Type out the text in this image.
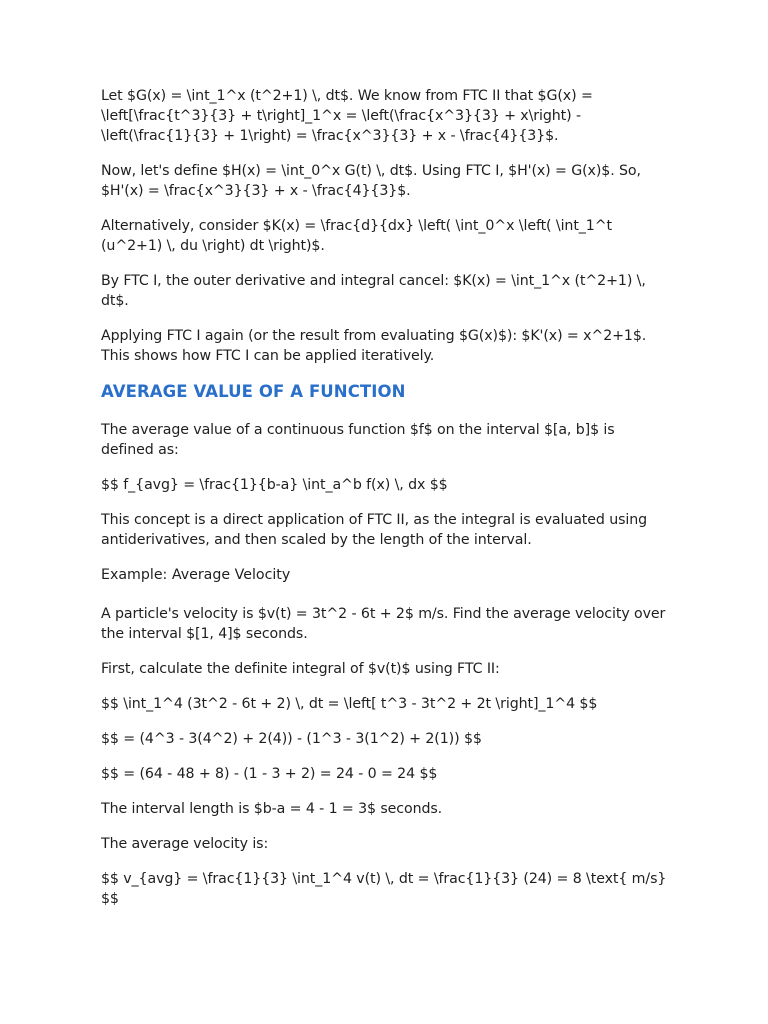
Let $G(x) = \int_1^x (t^2+1) \, dt$. We know from FTC II that $G(x) = \left[\frac{t^3}{3} + t\right]_1^x = \left(\frac{x^3}{3} + x\right) - \left(\frac{1}{3} + 1\right) = \frac{x^3}{3} + x - \frac{4}{3}$.

Now, let's define $H(x) = \int_0^x G(t) \, dt$. Using FTC I, $H'(x) = G(x)$. So, $H'(x) = \frac{x^3}{3} + x - \frac{4}{3}$.

Alternatively, consider $K(x) = \frac{d}{dx} \left( \int_0^x \left( \int_1^t (u^2+1) \, du \right) dt \right)$.

By FTC I, the outer derivative and integral cancel: $K(x) = \int_1^x (t^2+1) \, dt$.

Applying FTC I again (or the result from evaluating $G(x)$): $K'(x) = x^2+1$. This shows how FTC I can be applied iteratively.

AVERAGE VALUE OF A FUNCTION

The average value of a continuous function $f$ on the interval $[a, b]$ is defined as:

$$ f_{avg} = \frac{1}{b-a} \int_a^b f(x) \, dx $$

This concept is a direct application of FTC II, as the integral is evaluated using antiderivatives, and then scaled by the length of the interval.

Example: Average Velocity

A particle's velocity is $v(t) = 3t^2 - 6t + 2$ m/s. Find the average velocity over the interval $[1, 4]$ seconds.

First, calculate the definite integral of $v(t)$ using FTC II:

$$ \int_1^4 (3t^2 - 6t + 2) \, dt = \left[ t^3 - 3t^2 + 2t \right]_1^4 $$

$$ = (4^3 - 3(4^2) + 2(4)) - (1^3 - 3(1^2) + 2(1)) $$

$$ = (64 - 48 + 8) - (1 - 3 + 2) = 24 - 0 = 24 $$

The interval length is $b-a = 4 - 1 = 3$ seconds.

The average velocity is:

$$ v_{avg} = \frac{1}{3} \int_1^4 v(t) \, dt = \frac{1}{3} (24) = 8 \text{ m/s} $$
